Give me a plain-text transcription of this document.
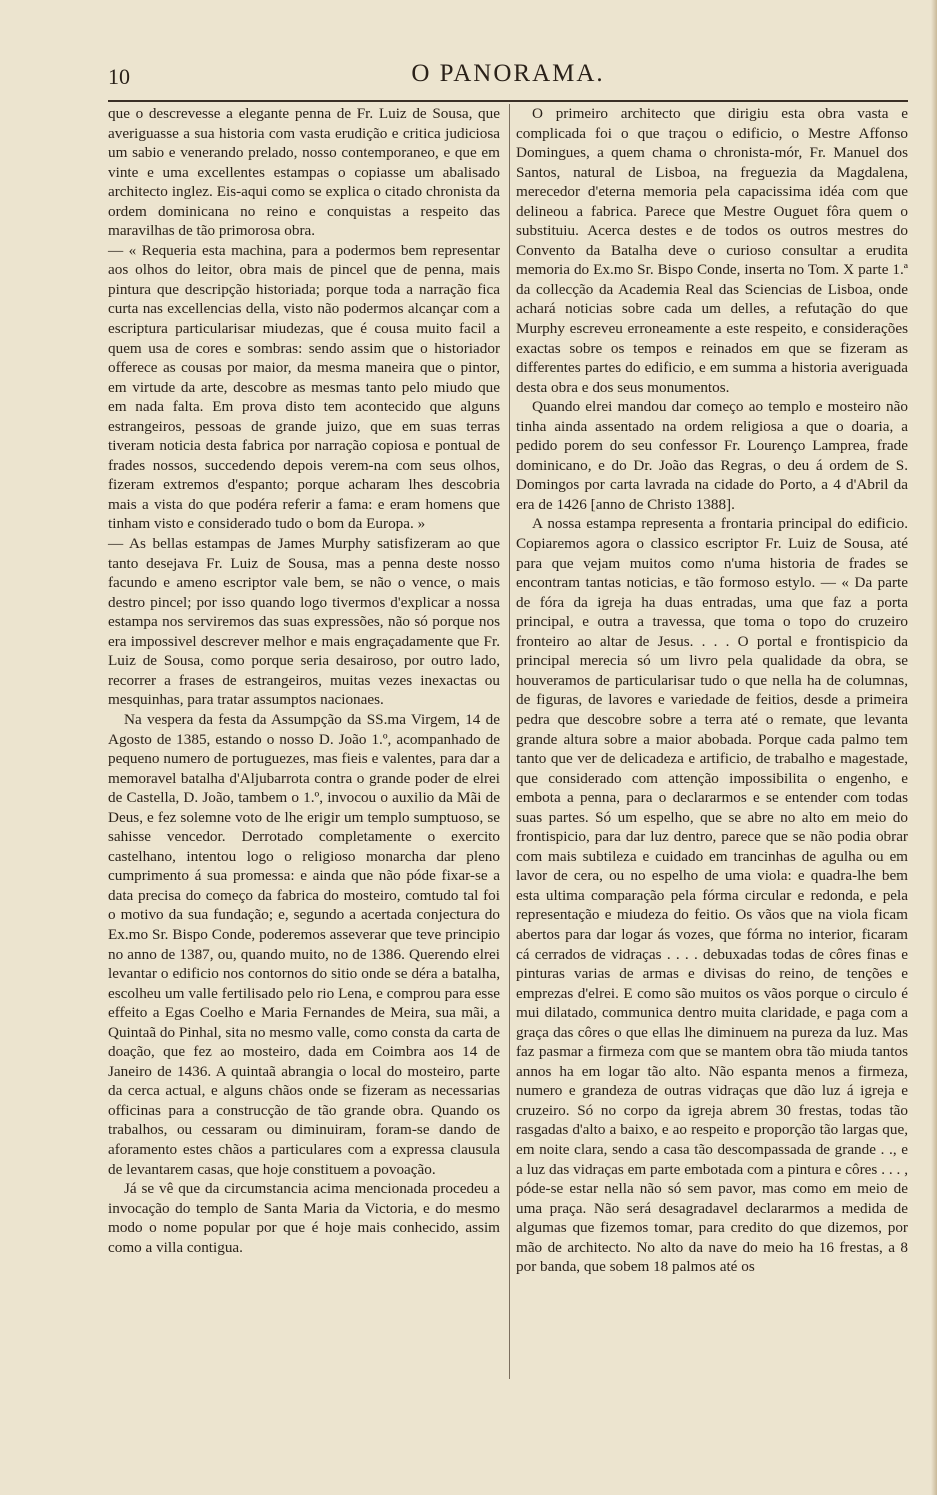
10	O PANORAMA.

que o descrevesse a elegante penna de Fr. Luiz de Sousa, que averiguasse a sua historia com vasta erudição e critica judiciosa um sabio e venerando prelado, nosso contemporaneo, e que em vinte e uma excellentes estampas o copiasse um abalisado architecto inglez. Eis-aqui como se explica o citado chronista da ordem dominicana no reino e conquistas a respeito das maravilhas de tão primorosa obra.

— « Requeria esta machina, para a podermos bem representar aos olhos do leitor, obra mais de pincel que de penna, mais pintura que descripção historiada; porque toda a narração fica curta nas excellencias della, visto não podermos alcançar com a escriptura particularisar miudezas, que é cousa muito facil a quem usa de cores e sombras: sendo assim que o historiador offerece as cousas por maior, da mesma maneira que o pintor, em virtude da arte, descobre as mesmas tanto pelo miudo que em nada falta. Em prova disto tem acontecido que alguns estrangeiros, pessoas de grande juizo, que em suas terras tiveram noticia desta fabrica por narração copiosa e pontual de frades nossos, succedendo depois verem-na com seus olhos, fizeram extremos d'espanto; porque acharam lhes descobria mais a vista do que podéra referir a fama: e eram homens que tinham visto e considerado tudo o bom da Europa. »

— As bellas estampas de James Murphy satisfizeram ao que tanto desejava Fr. Luiz de Sousa, mas a penna deste nosso facundo e ameno escriptor vale bem, se não o vence, o mais destro pincel; por isso quando logo tivermos d'explicar a nossa estampa nos serviremos das suas expressões, não só porque nos era impossivel descrever melhor e mais engraçadamente que Fr. Luiz de Sousa, como porque seria desairoso, por outro lado, recorrer a frases de estrangeiros, muitas vezes inexactas ou mesquinhas, para tratar assumptos nacionaes.

Na vespera da festa da Assumpção da SS.ma Virgem, 14 de Agosto de 1385, estando o nosso D. João 1.º, acompanhado de pequeno numero de portuguezes, mas fieis e valentes, para dar a memoravel batalha d'Aljubarrota contra o grande poder de elrei de Castella, D. João, tambem o 1.º, invocou o auxilio da Mãi de Deus, e fez solemne voto de lhe erigir um templo sumptuoso, se sahisse vencedor. Derrotado completamente o exercito castelhano, intentou logo o religioso monarcha dar pleno cumprimento á sua promessa: e ainda que não póde fixar-se a data precisa do começo da fabrica do mosteiro, comtudo tal foi o motivo da sua fundação; e, segundo a acertada conjectura do Ex.mo Sr. Bispo Conde, poderemos asseverar que teve principio no anno de 1387, ou, quando muito, no de 1386. Querendo elrei levantar o edificio nos contornos do sitio onde se déra a batalha, escolheu um valle fertilisado pelo rio Lena, e comprou para esse effeito a Egas Coelho e Maria Fernandes de Meira, sua mãi, a Quintaã do Pinhal, sita no mesmo valle, como consta da carta de doação, que fez ao mosteiro, dada em Coimbra aos 14 de Janeiro de 1436. A quintaã abrangia o local do mosteiro, parte da cerca actual, e alguns chãos onde se fizeram as necessarias officinas para a construcção de tão grande obra. Quando os trabalhos, ou cessaram ou diminuiram, foram-se dando de aforamento estes chãos a particulares com a expressa clausula de levantarem casas, que hoje constituem a povoação.

Já se vê que da circumstancia acima mencionada procedeu a invocação do templo de Santa Maria da Victoria, e do mesmo modo o nome popular por que é hoje mais conhecido, assim como a villa contigua.

O primeiro architecto que dirigiu esta obra vasta e complicada foi o que traçou o edificio, o Mestre Affonso Domingues, a quem chama o chronista-mór, Fr. Manuel dos Santos, natural de Lisboa, na freguezia da Magdalena, merecedor d'eterna memoria pela capacissima idéa com que delineou a fabrica. Parece que Mestre Ouguet fôra quem o substituiu. Acerca destes e de todos os outros mestres do Convento da Batalha deve o curioso consultar a erudita memoria do Ex.mo Sr. Bispo Conde, inserta no Tom. X parte 1.ª da collecção da Academia Real das Sciencias de Lisboa, onde achará noticias sobre cada um delles, a refutação do que Murphy escreveu erroneamente a este respeito, e considerações exactas sobre os tempos e reinados em que se fizeram as differentes partes do edificio, e em summa a historia averiguada desta obra e dos seus monumentos.

Quando elrei mandou dar começo ao templo e mosteiro não tinha ainda assentado na ordem religiosa a que o doaria, a pedido porem do seu confessor Fr. Lourenço Lamprea, frade dominicano, e do Dr. João das Regras, o deu á ordem de S. Domingos por carta lavrada na cidade do Porto, a 4 d'Abril da era de 1426 [anno de Christo 1388].

A nossa estampa representa a frontaria principal do edificio. Copiaremos agora o classico escriptor Fr. Luiz de Sousa, até para que vejam muitos como n'uma historia de frades se encontram tantas noticias, e tão formoso estylo. — « Da parte de fóra da igreja ha duas entradas, uma que faz a porta principal, e outra a travessa, que toma o topo do cruzeiro fronteiro ao altar de Jesus. . . . O portal e frontispicio da principal merecia só um livro pela qualidade da obra, se houveramos de particularisar tudo o que nella ha de columnas, de figuras, de lavores e variedade de feitios, desde a primeira pedra que descobre sobre a terra até o remate, que levanta grande altura sobre a maior abobada. Porque cada palmo tem tanto que ver de delicadeza e artificio, de trabalho e magestade, que considerado com attenção impossibilita o engenho, e embota a penna, para o declararmos e se entender com todas suas partes. Só um espelho, que se abre no alto em meio do frontispicio, para dar luz dentro, parece que se não podia obrar com mais subtileza e cuidado em trancinhas de agulha ou em lavor de cera, ou no espelho de uma viola: e quadra-lhe bem esta ultima comparação pela fórma circular e redonda, e pela representação e miudeza do feitio. Os vãos que na viola ficam abertos para dar logar ás vozes, que fórma no interior, ficaram cá cerrados de vidraças . . . . debuxadas todas de côres finas e pinturas varias de armas e divisas do reino, de tenções e emprezas d'elrei. E como são muitos os vãos porque o circulo é mui dilatado, communica dentro muita claridade, e paga com a graça das côres o que ellas lhe diminuem na pureza da luz. Mas faz pasmar a firmeza com que se mantem obra tão miuda tantos annos ha em logar tão alto. Não espanta menos a firmeza, numero e grandeza de outras vidraças que dão luz á igreja e cruzeiro. Só no corpo da igreja abrem 30 frestas, todas tão rasgadas d'alto a baixo, e ao respeito e proporção tão largas que, em noite clara, sendo a casa tão descompassada de grande . ., e a luz das vidraças em parte embotada com a pintura e côres . . . , póde-se estar nella não só sem pavor, mas como em meio de uma praça. Não será desagradavel declararmos a medida de algumas que fizemos tomar, para credito do que dizemos, por mão de architecto. No alto da nave do meio ha 16 frestas, a 8 por banda, que sobem 18 palmos até os
